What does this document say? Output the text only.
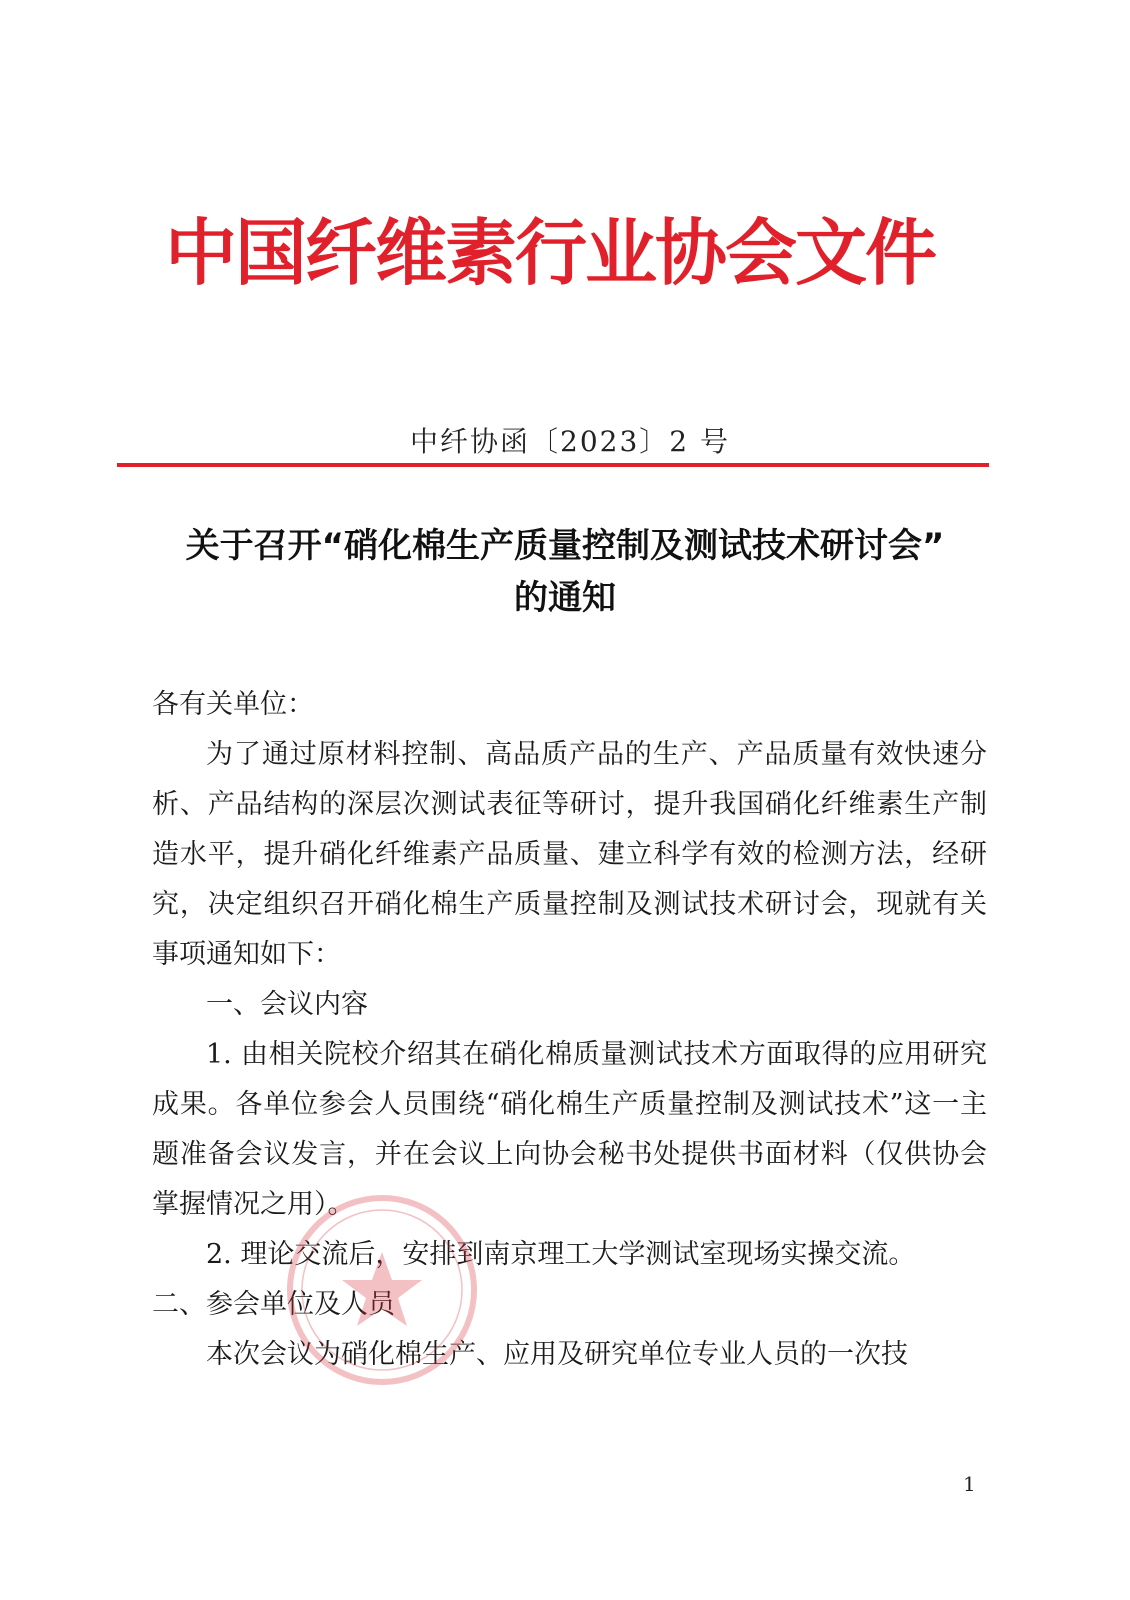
中国纤维素行业协会文件
中纤协函〔2023〕2 号
关于召开“硝化棉生产质量控制及测试技术研讨会”
的通知
各有关单位：
为了通过原材料控制、高品质产品的生产、产品质量有效快速分析、产品结构的深层次测试表征等研讨，提升我国硝化纤维素生产制造水平，提升硝化纤维素产品质量、建立科学有效的检测方法，经研究，决定组织召开硝化棉生产质量控制及测试技术研讨会，现就有关事项通知如下：
一、会议内容
1. 由相关院校介绍其在硝化棉质量测试技术方面取得的应用研究成果。各单位参会人员围绕“硝化棉生产质量控制及测试技术”这一主题准备会议发言，并在会议上向协会秘书处提供书面材料（仅供协会掌握情况之用）。
2. 理论交流后，安排到南京理工大学测试室现场实操交流。
二、参会单位及人员
本次会议为硝化棉生产、应用及研究单位专业人员的一次技
1
